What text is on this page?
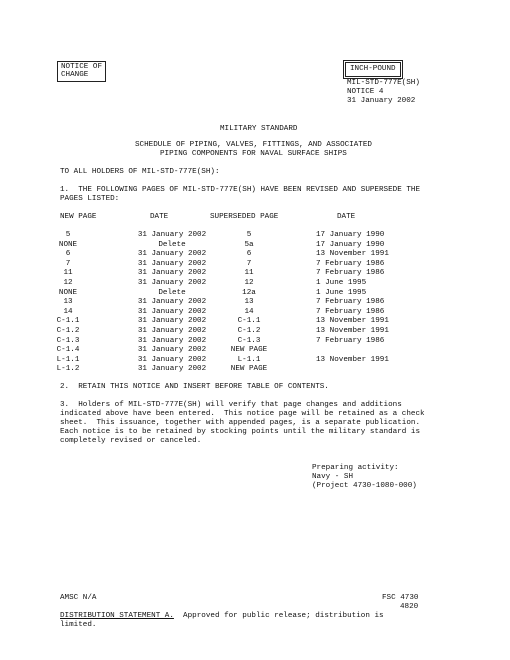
NOTICE OF
CHANGE
INCH-POUND
MIL-STD-777E(SH)
NOTICE 4
31 January 2002
MILITARY STANDARD
SCHEDULE OF PIPING, VALVES, FITTINGS, AND ASSOCIATED
PIPING COMPONENTS FOR NAVAL SURFACE SHIPS
TO ALL HOLDERS OF MIL-STD-777E(SH):
1.  THE FOLLOWING PAGES OF MIL-STD-777E(SH) HAVE BEEN REVISED AND SUPERSEDE THE
PAGES LISTED:
NEW PAGE	DATE	SUPERSEDED PAGE	DATE
5	31 January 2002	5	17 January 1990
NONE	Delete	5a	17 January 1990
6	31 January 2002	6	13 November 1991
7	31 January 2002	7	7 February 1986
11	31 January 2002	11	7 February 1986
12	31 January 2002	12	1 June 1995
NONE	Delete	12a	1 June 1995
13	31 January 2002	13	7 February 1986
14	31 January 2002	14	7 February 1986
C-1.1	31 January 2002	C-1.1	13 November 1991
C-1.2	31 January 2002	C-1.2	13 November 1991
C-1.3	31 January 2002	C-1.3	7 February 1986
C-1.4	31 January 2002	NEW PAGE
L-1.1	31 January 2002	L-1.1	13 November 1991
L-1.2	31 January 2002	NEW PAGE
2.  RETAIN THIS NOTICE AND INSERT BEFORE TABLE OF CONTENTS.
3.  Holders of MIL-STD-777E(SH) will verify that page changes and additions
indicated above have been entered.  This notice page will be retained as a check
sheet.  This issuance, together with appended pages, is a separate publication.
Each notice is to be retained by stocking points until the military standard is
completely revised or canceled.
Preparing activity:
Navy - SH
(Project 4730-1080-000)
AMSC N/A	FSC 4730
4820
DISTRIBUTION STATEMENT A.  Approved for public release; distribution is
limited.
